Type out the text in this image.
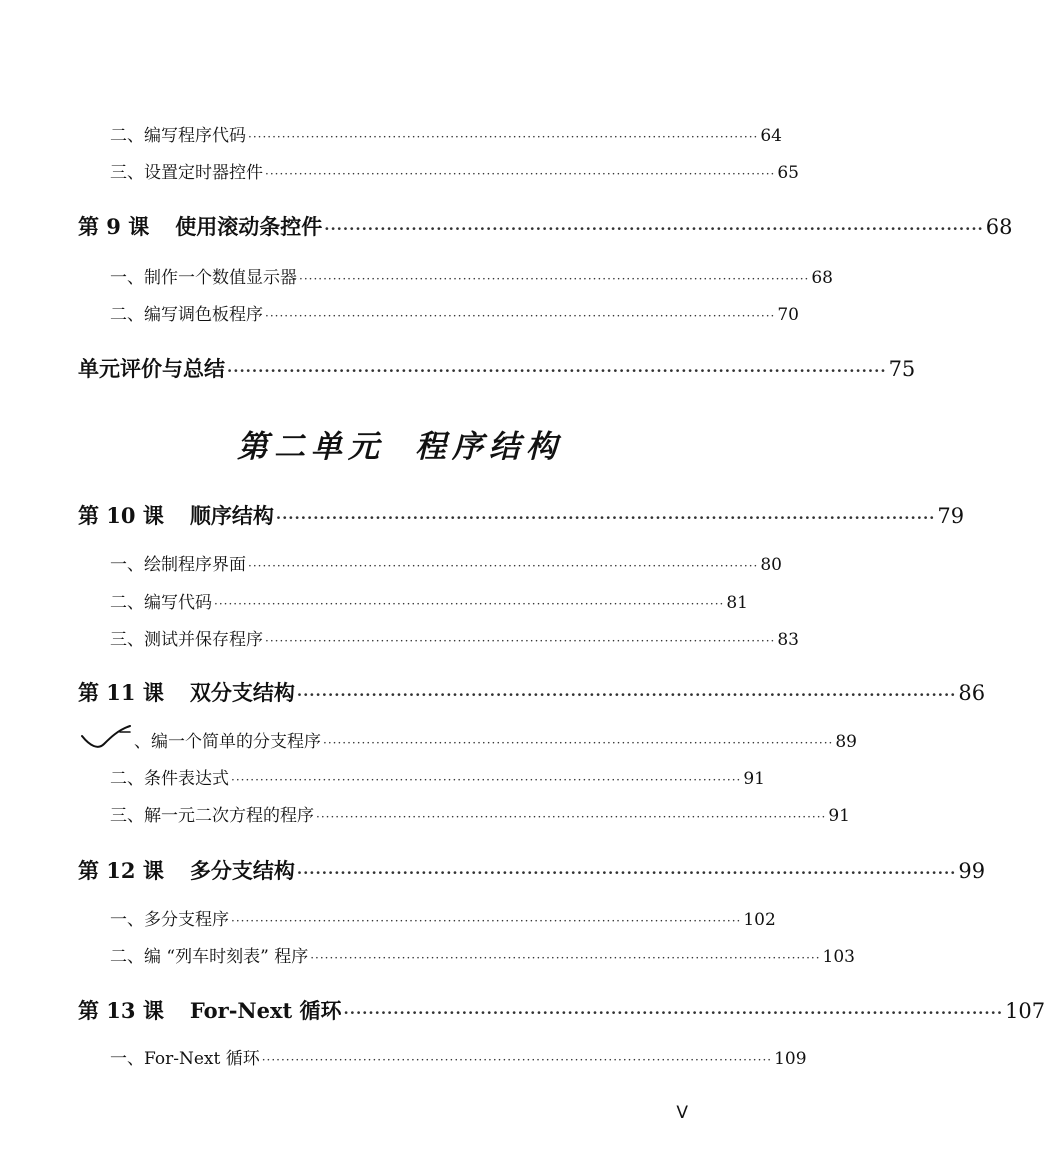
二、编写程序代码 ·········································································································· 64
三、设置定时器控件 ·········································································································· 65
第 9 课 使用滚动条控件 ·········································································································· 68
一、制作一个数值显示器 ·········································································································· 68
二、编写调色板程序 ·········································································································· 70
单元评价与总结 ·········································································································· 75
第二单元 程序结构
第 10 课 顺序结构 ·········································································································· 79
一、绘制程序界面 ·········································································································· 80
二、编写代码 ·········································································································· 81
三、测试并保存程序 ·········································································································· 83
第 11 课 双分支结构 ·········································································································· 86
、编一个简单的分支程序 ·········································································································· 89
二、条件表达式 ·········································································································· 91
三、解一元二次方程的程序 ·········································································································· 91
第 12 课 多分支结构 ·········································································································· 99
一、多分支程序 ·········································································································· 102
二、编 “列车时刻表” 程序 ·········································································································· 103
第 13 课 For-Next 循环 ·········································································································· 107
一、For-Next 循环 ·········································································································· 109
V
